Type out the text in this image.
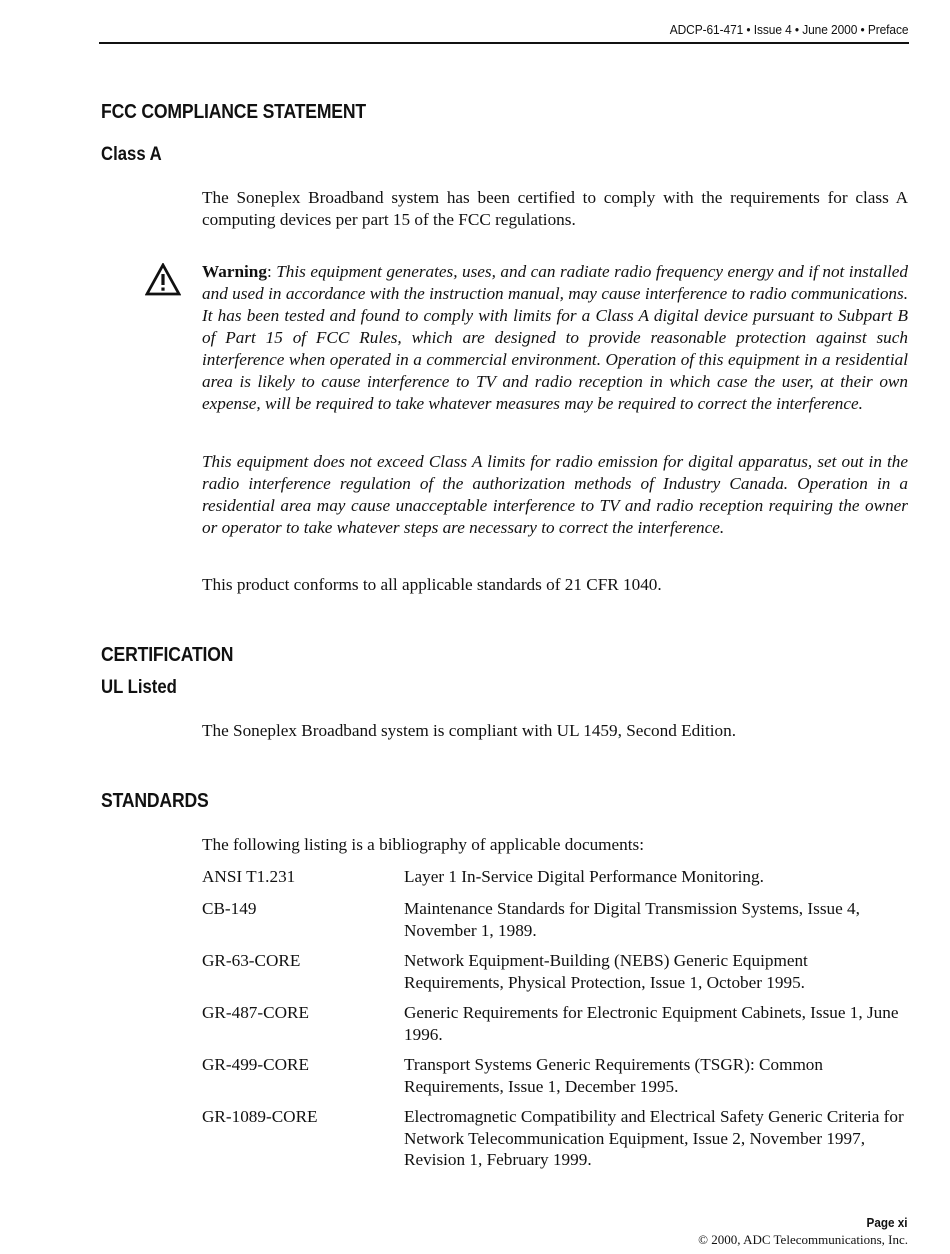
ADCP-61-471 • Issue 4 • June 2000 • Preface
FCC COMPLIANCE STATEMENT
Class A
The Soneplex Broadband system has been certified to comply with the requirements for class A computing devices per part 15 of the FCC regulations.
Warning: This equipment generates, uses, and can radiate radio frequency energy and if not installed and used in accordance with the instruction manual, may cause interference to radio communications. It has been tested and found to comply with limits for a Class A digital device pursuant to Subpart B of Part 15 of FCC Rules, which are designed to provide reasonable protection against such interference when operated in a commercial environment. Operation of this equipment in a residential area is likely to cause interference to TV and radio reception in which case the user, at their own expense, will be required to take whatever measures may be required to correct the interference.
This equipment does not exceed Class A limits for radio emission for digital apparatus, set out in the radio interference regulation of the authorization methods of Industry Canada. Operation in a residential area may cause unacceptable interference to TV and radio reception requiring the owner or operator to take whatever steps are necessary to correct the interference.
This product conforms to all applicable standards of 21 CFR 1040.
CERTIFICATION
UL Listed
The Soneplex Broadband system is compliant with UL 1459, Second Edition.
STANDARDS
The following listing is a bibliography of applicable documents:
ANSI T1.231	Layer 1 In-Service Digital Performance Monitoring.
CB-149	Maintenance Standards for Digital Transmission Systems, Issue 4, November 1, 1989.
GR-63-CORE	Network Equipment-Building (NEBS) Generic Equipment Requirements, Physical Protection, Issue 1, October 1995.
GR-487-CORE	Generic Requirements for Electronic Equipment Cabinets, Issue 1, June 1996.
GR-499-CORE	Transport Systems Generic Requirements (TSGR): Common Requirements, Issue 1, December 1995.
GR-1089-CORE	Electromagnetic Compatibility and Electrical Safety Generic Criteria for Network Telecommunication Equipment, Issue 2, November 1997, Revision 1, February 1999.
Page xi
© 2000, ADC Telecommunications, Inc.
